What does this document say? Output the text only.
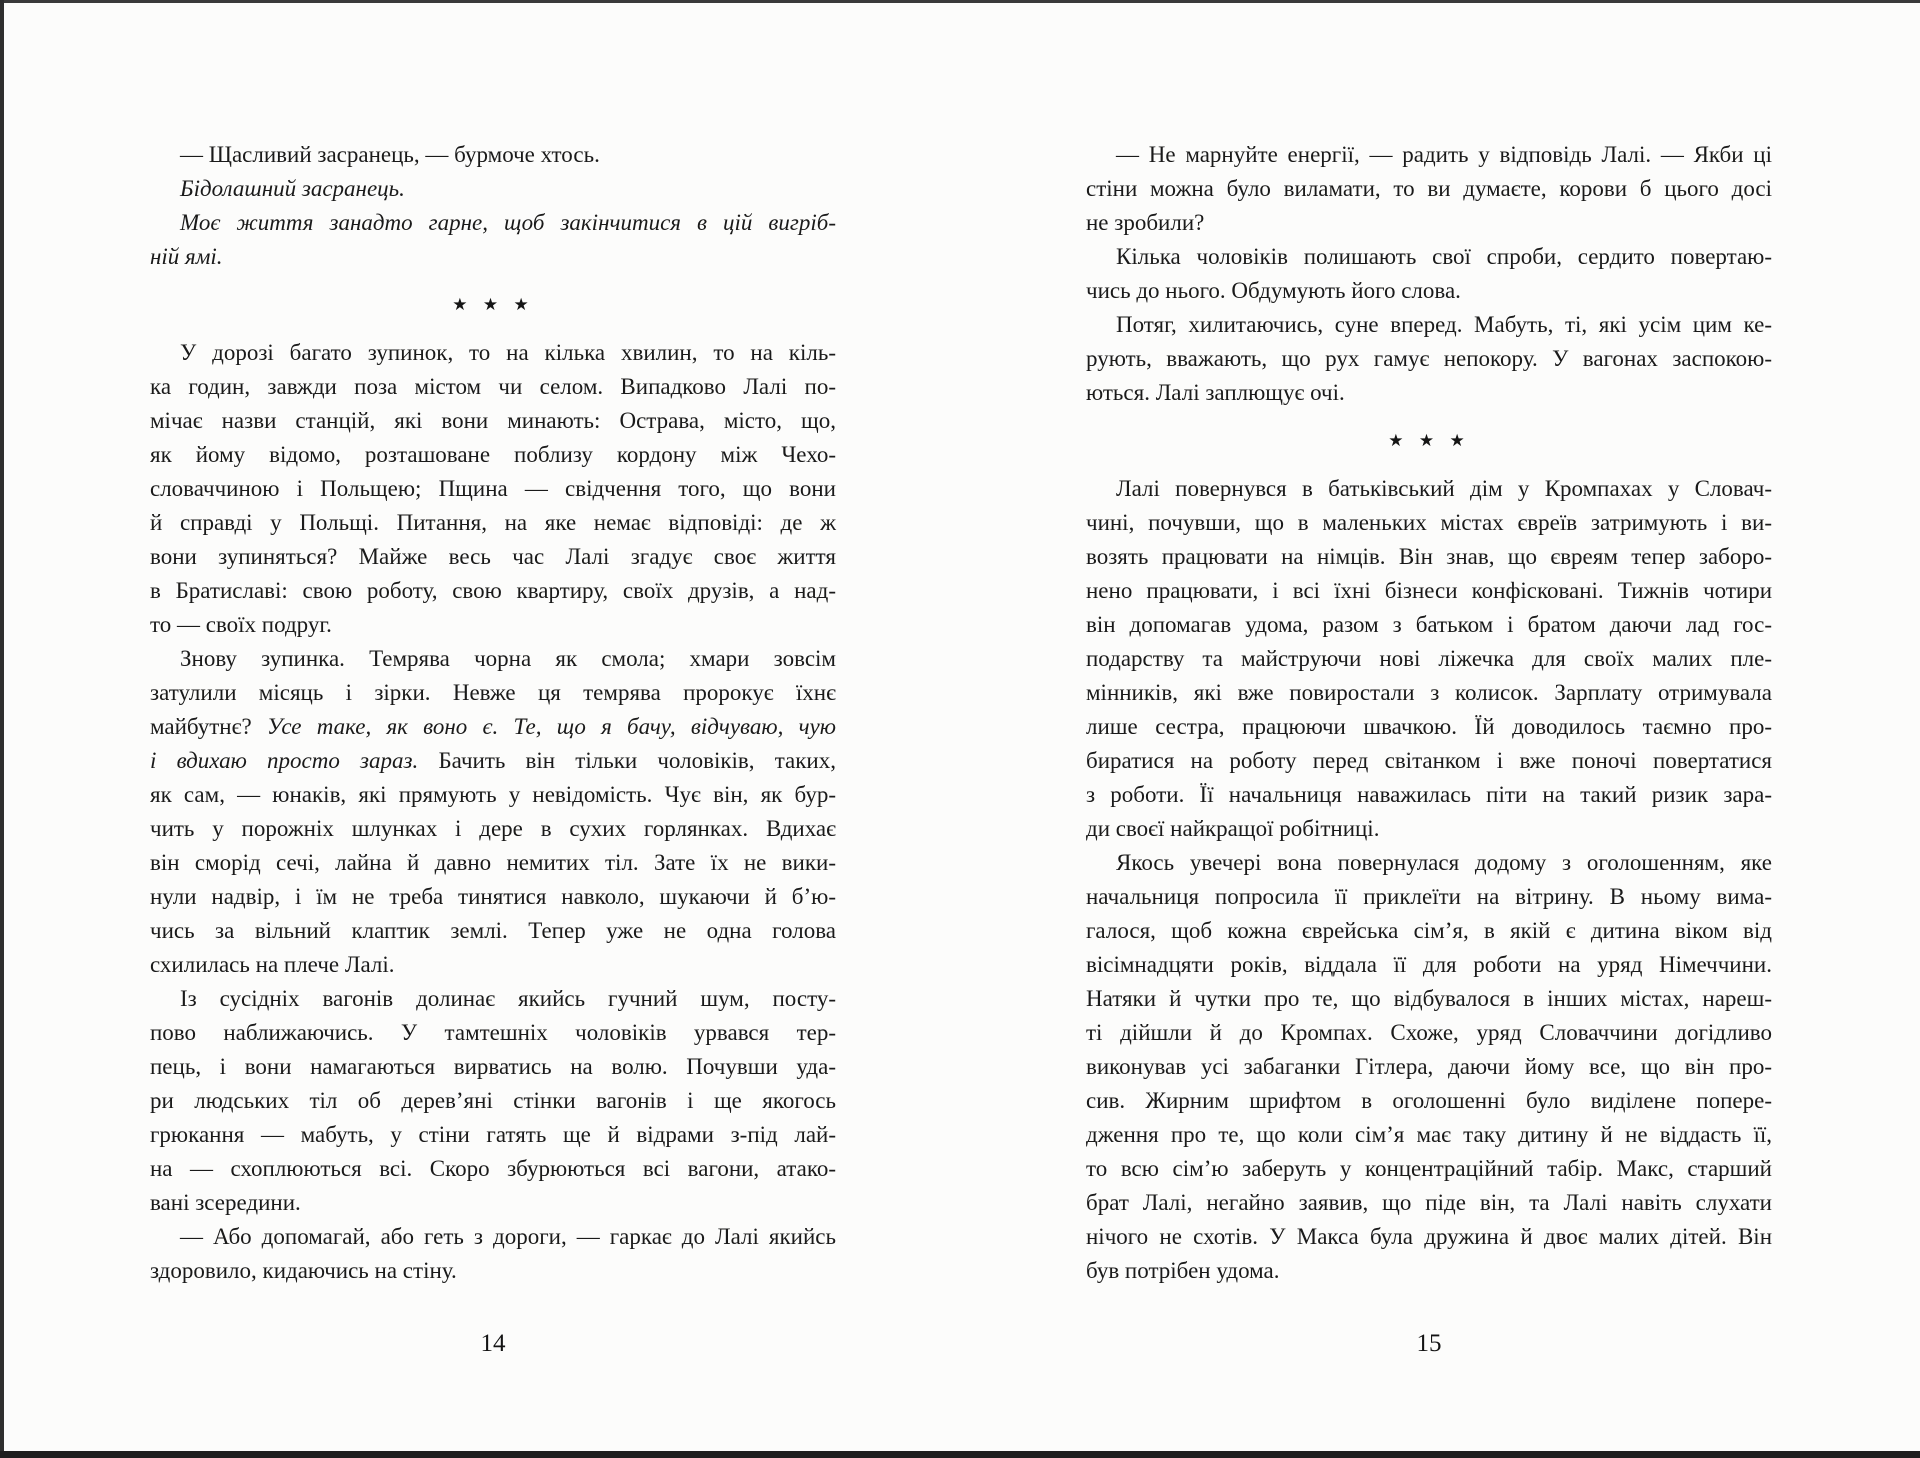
— Щасливий засранець, — бурмоче хтось.
Бідолашний засранець.
Моє життя занадто гарне, щоб закінчитися в цій вигріб-
ній ямі.
★ ★ ★
У дорозі багато зупинок, то на кілька хвилин, то на кіль-
ка годин, завжди поза містом чи селом. Випадково Лалі по-
мічає назви станцій, які вони минають: Острава, місто, що,
як йому відомо, розташоване поблизу кордону між Чехо-
словаччиною і Польщею; Пщина — свідчення того, що вони
й справді у Польщі. Питання, на яке немає відповіді: де ж
вони зупиняться? Майже весь час Лалі згадує своє життя
в Братиславі: свою роботу, свою квартиру, своїх друзів, а над-
то — своїх подруг.
Знову зупинка. Темрява чорна як смола; хмари зовсім
затулили місяць і зірки. Невже ця темрява пророкує їхнє
майбутнє? Усе таке, як воно є. Те, що я бачу, відчуваю, чую
і вдихаю просто зараз. Бачить він тільки чоловіків, таких,
як сам, — юнаків, які прямують у невідомість. Чує він, як бур-
чить у порожніх шлунках і дере в сухих горлянках. Вдихає
він сморід сечі, лайна й давно немитих тіл. Зате їх не вики-
нули надвір, і їм не треба тинятися навколо, шукаючи й б’ю-
чись за вільний клаптик землі. Тепер уже не одна голова
схилилась на плече Лалі.
Із сусідніх вагонів долинає якийсь гучний шум, посту-
пово наближаючись. У тамтешніх чоловіків урвався тер-
пець, і вони намагаються вирватись на волю. Почувши уда-
ри людських тіл об дерев’яні стінки вагонів і ще якогось
грюкання — мабуть, у стіни гатять ще й відрами з-під лай-
на — схоплюються всі. Скоро збурюються всі вагони, атако-
вані зсередини.
— Або допомагай, або геть з дороги, — гаркає до Лалі якийсь
здоровило, кидаючись на стіну.
— Не марнуйте енергії, — радить у відповідь Лалі. — Якби ці
стіни можна було виламати, то ви думаєте, корови б цього досі
не зробили?
Кілька чоловіків полишають свої спроби, сердито повертаю-
чись до нього. Обдумують його слова.
Потяг, хилитаючись, суне вперед. Мабуть, ті, які усім цим ке-
рують, вважають, що рух гамує непокору. У вагонах заспокою-
ються. Лалі заплющує очі.
★ ★ ★
Лалі повернувся в батьківський дім у Кромпахах у Словач-
чині, почувши, що в маленьких містах євреїв затримують і ви-
возять працювати на німців. Він знав, що євреям тепер заборо-
нено працювати, і всі їхні бізнеси конфісковані. Тижнів чотири
він допомагав удома, разом з батьком і братом даючи лад гос-
подарству та майструючи нові ліжечка для своїх малих пле-
мінників, які вже повиростали з колисок. Зарплату отримувала
лише сестра, працюючи швачкою. Їй доводилось таємно про-
биратися на роботу перед світанком і вже поночі повертатися
з роботи. Її начальниця наважилась піти на такий ризик зара-
ди своєї найкращої робітниці.
Якось увечері вона повернулася додому з оголошенням, яке
начальниця попросила її приклеїти на вітрину. В ньому вима-
галося, щоб кожна єврейська сім’я, в якій є дитина віком від
вісімнадцяти років, віддала її для роботи на уряд Німеччини.
Натяки й чутки про те, що відбувалося в інших містах, нареш-
ті дійшли й до Кромпах. Схоже, уряд Словаччини догідливо
виконував усі забаганки Гітлера, даючи йому все, що він про-
сив. Жирним шрифтом в оголошенні було виділене попере-
дження про те, що коли сім’я має таку дитину й не віддасть її,
то всю сім’ю заберуть у концентраційний табір. Макс, старший
брат Лалі, негайно заявив, що піде він, та Лалі навіть слухати
нічого не схотів. У Макса була дружина й двоє малих дітей. Він
був потрібен удома.
14	15
